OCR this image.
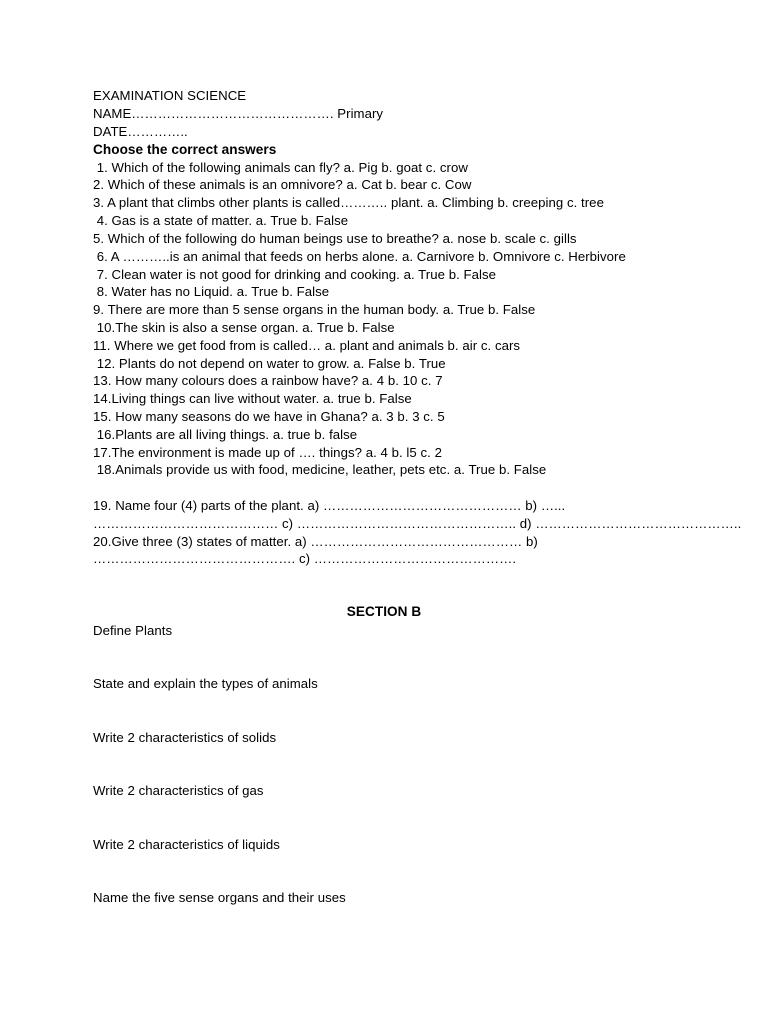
EXAMINATION SCIENCE
NAME………………………………………. Primary
DATE…………..
Choose the correct answers
1. Which of the following animals can fly? a. Pig b. goat c. crow
2. Which of these animals is an omnivore? a. Cat b. bear c. Cow
3. A plant that climbs other plants is called……….. plant. a. Climbing b. creeping c. tree
4. Gas is a state of matter. a. True b. False
5. Which of the following do human beings use to breathe? a. nose b. scale c. gills
6. A ………..is an animal that feeds on herbs alone. a. Carnivore b. Omnivore c. Herbivore
7. Clean water is not good for drinking and cooking. a. True b. False
8. Water has no Liquid. a. True b. False
9. There are more than 5 sense organs in the human body. a. True b. False
10.The skin is also a sense organ. a. True b. False
11. Where we get food from is called… a. plant and animals b. air c. cars
12. Plants do not depend on water to grow. a. False b. True
13. How many colours does a rainbow have? a. 4 b. 10 c. 7
14.Living things can live without water. a. true b. False
15. How many seasons do we have in Ghana? a. 3 b. 3 c. 5
16.Plants are all living things. a. true b. false
17.The environment is made up of …. things? a. 4 b. l5 c. 2
18.Animals provide us with food, medicine, leather, pets etc. a. True b. False
19. Name four (4) parts of the plant. a) ……………………………………… b) …...
…………………………………… c) ………………………………………….. d) ………………………………………..
20.Give three (3) states of matter. a) ………………………………………… b)
………………………………………. c) ……………………………………….
SECTION B
Define Plants
State and explain the types of animals
Write 2 characteristics of solids
Write 2 characteristics of gas
Write 2 characteristics of liquids
Name the five sense organs and their uses
